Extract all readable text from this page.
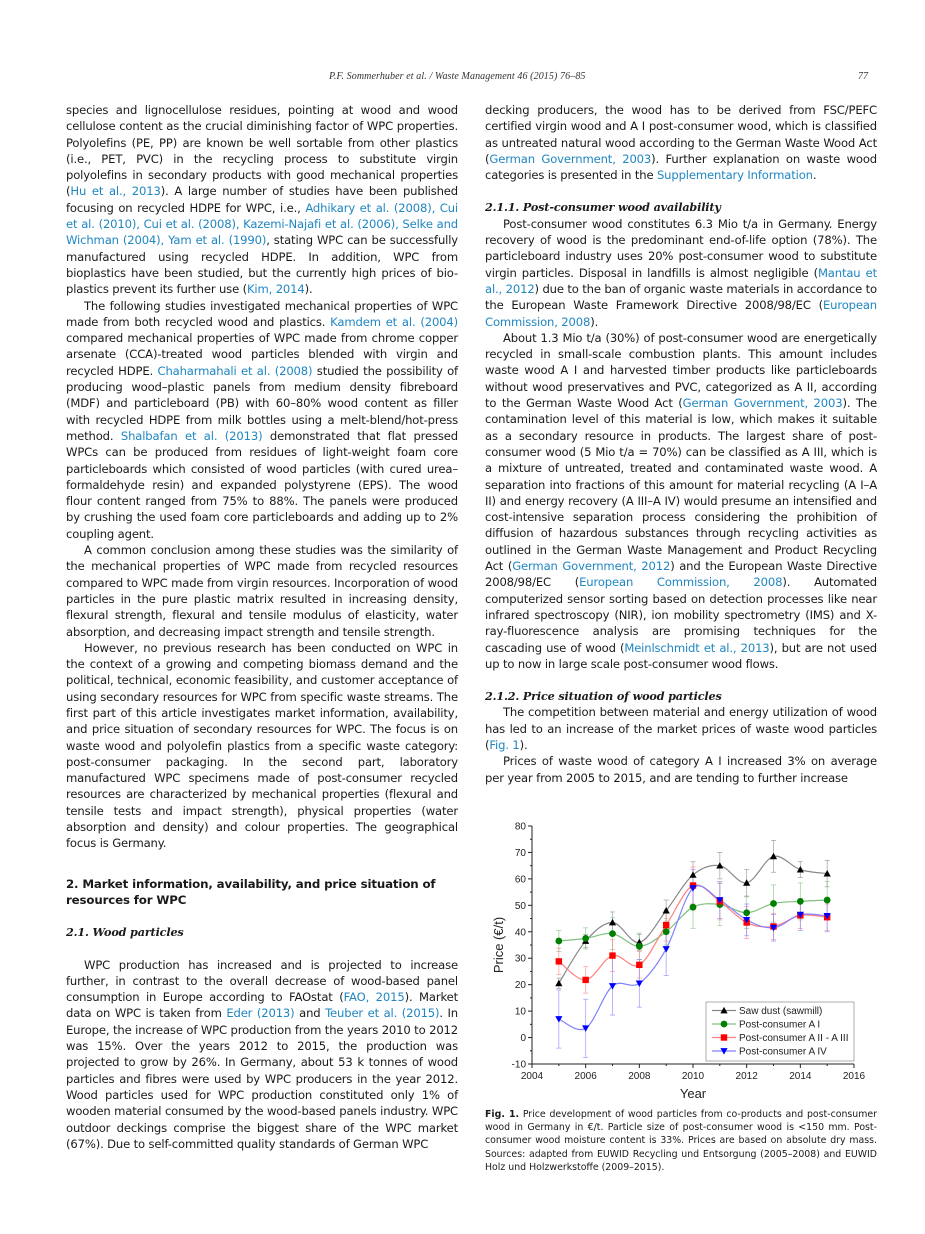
P.F. Sommerhuber et al. / Waste Management 46 (2015) 76–85	77

species and lignocellulose residues, pointing at wood and wood cellulose content as the crucial diminishing factor of WPC properties. Polyolefins (PE, PP) are known be well sortable from other plastics (i.e., PET, PVC) in the recycling process to substitute virgin polyolefins in secondary products with good mechanical properties (Hu et al., 2013). A large number of studies have been published focusing on recycled HDPE for WPC, i.e., Adhikary et al. (2008), Cui et al. (2010), Cui et al. (2008), Kazemi-Najafi et al. (2006), Selke and Wichman (2004), Yam et al. (1990), stating WPC can be successfully manufactured using recycled HDPE. In addition, WPC from bioplastics have been studied, but the currently high prices of bio-plastics prevent its further use (Kim, 2014).

The following studies investigated mechanical properties of WPC made from both recycled wood and plastics. Kamdem et al. (2004) compared mechanical properties of WPC made from chrome copper arsenate (CCA)-treated wood particles blended with virgin and recycled HDPE. Chaharmahali et al. (2008) studied the possibility of producing wood–plastic panels from medium density fibreboard (MDF) and particleboard (PB) with 60–80% wood content as filler with recycled HDPE from milk bottles using a melt-blend/hot-press method. Shalbafan et al. (2013) demonstrated that flat pressed WPCs can be produced from residues of light-weight foam core particleboards which consisted of wood particles (with cured urea–formaldehyde resin) and expanded polystyrene (EPS). The wood flour content ranged from 75% to 88%. The panels were produced by crushing the used foam core particleboards and adding up to 2% coupling agent.

A common conclusion among these studies was the similarity of the mechanical properties of WPC made from recycled resources compared to WPC made from virgin resources. Incorporation of wood particles in the pure plastic matrix resulted in increasing density, flexural strength, flexural and tensile modulus of elasticity, water absorption, and decreasing impact strength and tensile strength.

However, no previous research has been conducted on WPC in the context of a growing and competing biomass demand and the political, technical, economic feasibility, and customer acceptance of using secondary resources for WPC from specific waste streams. The first part of this article investigates market information, availability, and price situation of secondary resources for WPC. The focus is on waste wood and polyolefin plastics from a specific waste category: post-consumer packaging. In the second part, laboratory manufactured WPC specimens made of post-consumer recycled resources are characterized by mechanical properties (flexural and tensile tests and impact strength), physical properties (water absorption and density) and colour properties. The geographical focus is Germany.

2. Market information, availability, and price situation of resources for WPC
2.1. Wood particles

WPC production has increased and is projected to increase further, in contrast to the overall decrease of wood-based panel consumption in Europe according to FAOstat (FAO, 2015). Market data on WPC is taken from Eder (2013) and Teuber et al. (2015). In Europe, the increase of WPC production from the years 2010 to 2012 was 15%. Over the years 2012 to 2015, the production was projected to grow by 26%. In Germany, about 53 k tonnes of wood particles and fibres were used by WPC producers in the year 2012. Wood particles used for WPC production constituted only 1% of wooden material consumed by the wood-based panels industry. WPC outdoor deckings comprise the biggest share of the WPC market (67%). Due to self-committed quality standards of German WPC

decking producers, the wood has to be derived from FSC/PEFC certified virgin wood and A I post-consumer wood, which is classified as untreated natural wood according to the German Waste Wood Act (German Government, 2003). Further explanation on waste wood categories is presented in the Supplementary Information.

2.1.1. Post-consumer wood availability

Post-consumer wood constitutes 6.3 Mio t/a in Germany. Energy recovery of wood is the predominant end-of-life option (78%). The particleboard industry uses 20% post-consumer wood to substitute virgin particles. Disposal in landfills is almost negligible (Mantau et al., 2012) due to the ban of organic waste materials in accordance to the European Waste Framework Directive 2008/98/EC (European Commission, 2008).

About 1.3 Mio t/a (30%) of post-consumer wood are energetically recycled in small-scale combustion plants. This amount includes waste wood A I and harvested timber products like particleboards without wood preservatives and PVC, categorized as A II, according to the German Waste Wood Act (German Government, 2003). The contamination level of this material is low, which makes it suitable as a secondary resource in products. The largest share of post-consumer wood (5 Mio t/a = 70%) can be classified as A III, which is a mixture of untreated, treated and contaminated waste wood. A separation into fractions of this amount for material recycling (A I–A II) and energy recovery (A III–A IV) would presume an intensified and cost-intensive separation process considering the prohibition of diffusion of hazardous substances through recycling activities as outlined in the German Waste Management and Product Recycling Act (German Government, 2012) and the European Waste Directive 2008/98/EC (European Commission, 2008). Automated computerized sensor sorting based on detection processes like near infrared spectroscopy (NIR), ion mobility spectrometry (IMS) and X-ray-fluorescence analysis are promising techniques for the cascading use of wood (Meinlschmidt et al., 2013), but are not used up to now in large scale post-consumer wood flows.

2.1.2. Price situation of wood particles

The competition between material and energy utilization of wood has led to an increase of the market prices of waste wood particles (Fig. 1).

Prices of waste wood of category A I increased 3% on average per year from 2005 to 2015, and are tending to further increase

-10
0
10
20
30
40
50
60
70
80
2004	2006	2008	2010	2012	2014	2016
Year
Price (€/t)
Saw dust (sawmill)
Post-consumer A I
Post-consumer A II - A III
Post-consumer A IV
Fig. 1. Price development of wood particles from co-products and post-consumer wood in Germany in €/t. Particle size of post-consumer wood is <150 mm. Post-consumer wood moisture content is 33%. Prices are based on absolute dry mass. Sources: adapted from EUWID Recycling und Entsorgung (2005–2008) and EUWID Holz und Holzwerkstoffe (2009–2015).
